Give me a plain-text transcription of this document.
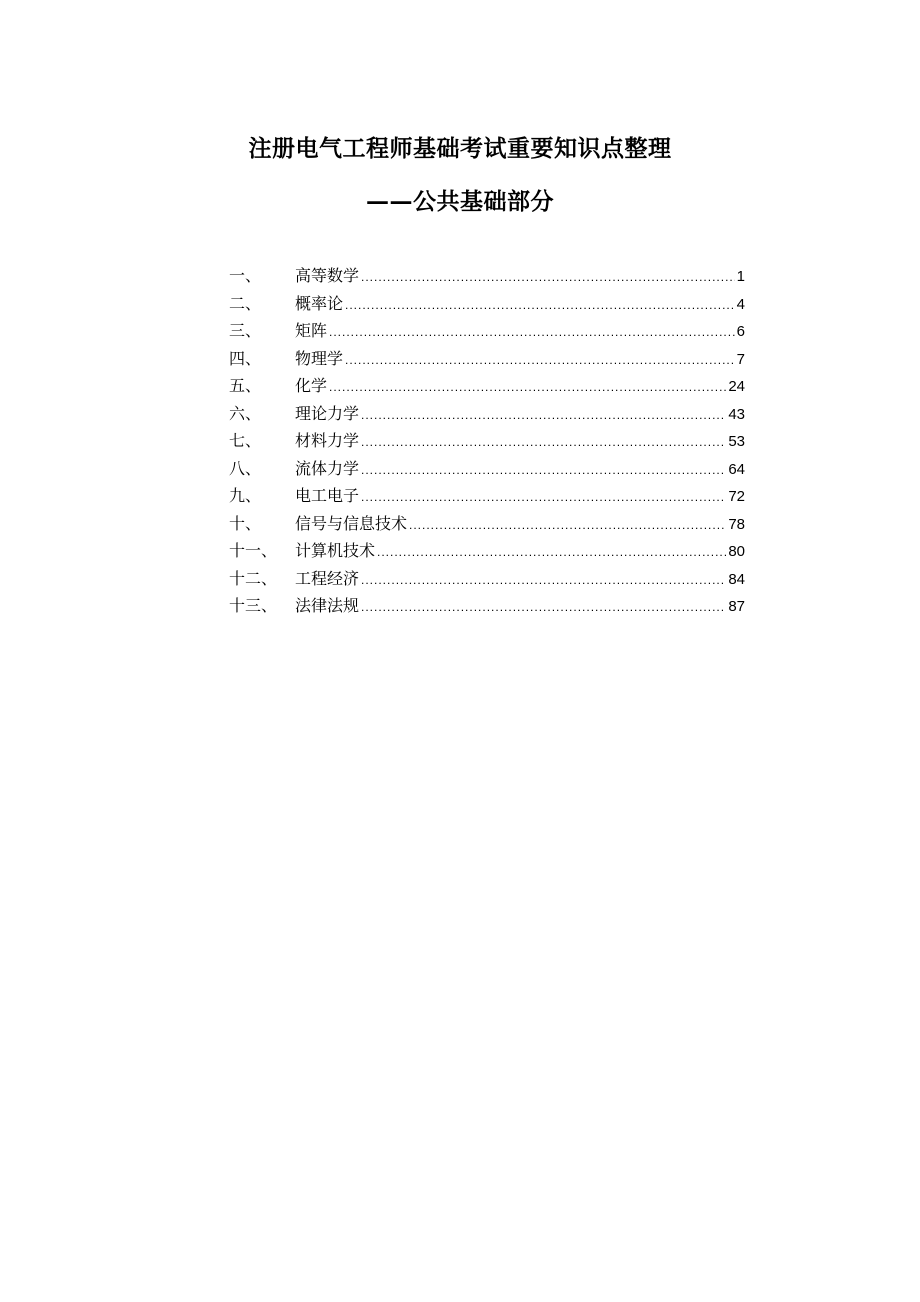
注册电气工程师基础考试重要知识点整理
——公共基础部分
一、	高等数学 .....	1
二、	概率论 .....	4
三、	矩阵 .....	6
四、	物理学 .....	7
五、	化学 .....	24
六、	理论力学 .....	43
七、	材料力学 .....	53
八、	流体力学 .....	64
九、	电工电子 .....	72
十、	信号与信息技术 .....	78
十一、	计算机技术 .....	80
十二、	工程经济 .....	84
十三、	法律法规 .....	87
